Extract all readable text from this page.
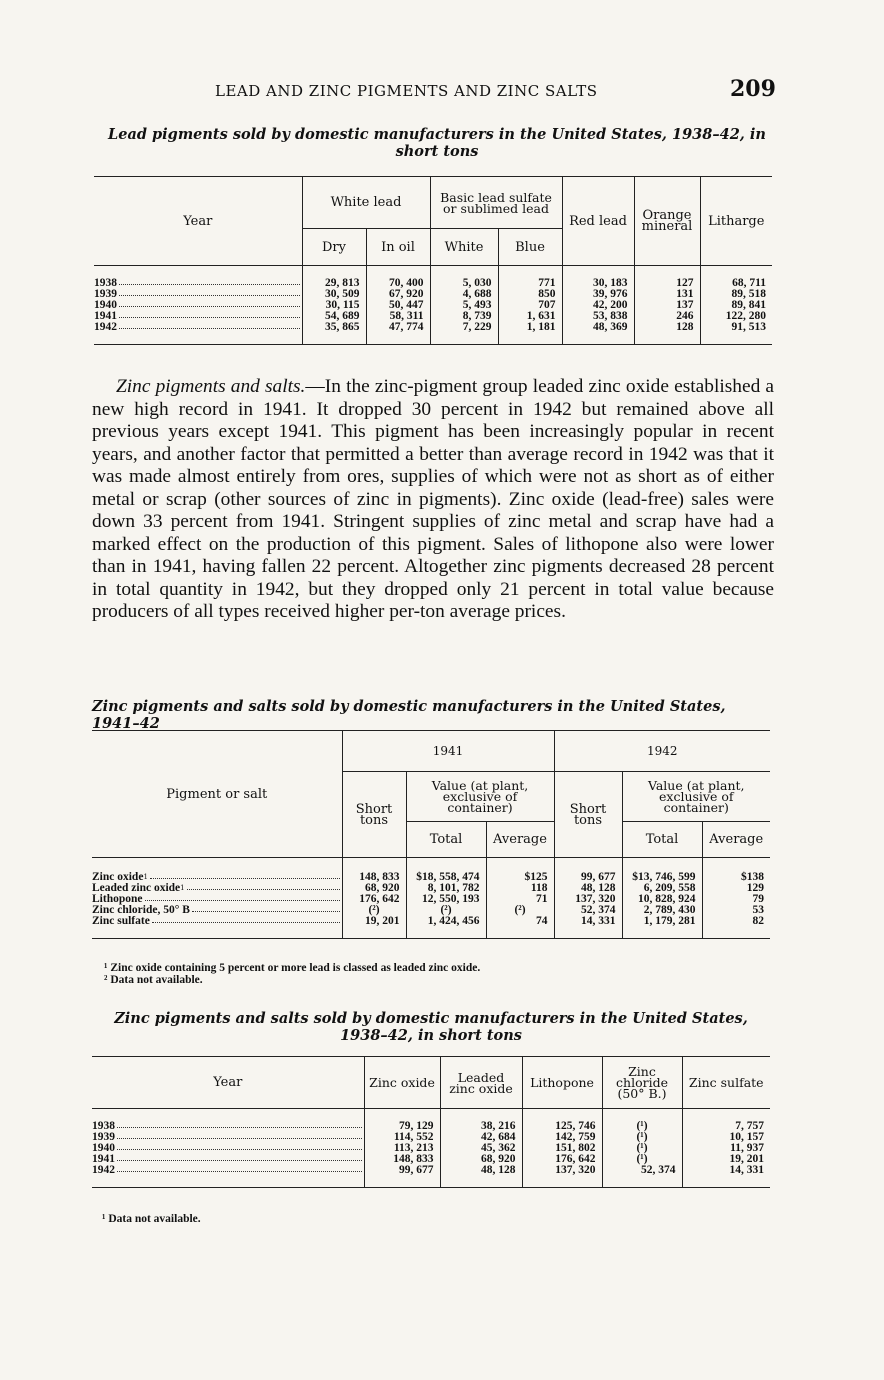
LEAD AND ZINC PIGMENTS AND ZINC SALTS	209
Lead pigments sold by domestic manufacturers in the United States, 1938–42, in
short tons
Year	White lead		Basic lead sulfate or sublimed lead		Red lead	Orange mineral	Litharge
	Dry	In oil	White	Blue			

1938	29, 813	70, 400	5, 030	771	30, 183	127	68, 711

1939	30, 509	67, 920	4, 688	850	39, 976	131	89, 518

1940	30, 115	50, 447	5, 493	707	42, 200	137	89, 841

1941	54, 689	58, 311	8, 739	1, 631	53, 838	246	122, 280

1942	35, 865	47, 774	7, 229	1, 181	48, 369	128	91, 513

Zinc pigments and salts.—In the zinc-pigment group leaded zinc oxide established a new high record in 1941. It dropped 30 percent in 1942 but remained above all previous years except 1941. This pigment has been increasingly popular in recent years, and another factor that permitted a better than average record in 1942 was that it was made almost entirely from ores, supplies of which were not as short as of either metal or scrap (other sources of zinc in pigments). Zinc oxide (lead-free) sales were down 33 percent from 1941. Stringent supplies of zinc metal and scrap have had a marked effect on the production of this pigment. Sales of lithopone also were lower than in 1941, having fallen 22 percent. Altogether zinc pigments decreased 28 percent in total quantity in 1942, but they dropped only 21 percent in total value because producers of all types received higher per-ton average prices.
Zinc pigments and salts sold by domestic manufacturers in the United States, 1941–42
Pigment or salt	1941			1942		
	Short tons	Value (at plant, exclusive of container)		Short tons	Value (at plant, exclusive of container)	
		Total	Average		Total	Average

Zinc oxide 1	148, 833	$18, 558, 474	$125	99, 677	$13, 746, 599	$138

Leaded zinc oxide 1	68, 920	8, 101, 782	118	48, 128	6, 209, 558	129

Lithopone	176, 642	12, 550, 193	71	137, 320	10, 828, 924	79

Zinc chloride, 50° B	(²)	(²)	(²)	52, 374	2, 789, 430	53

Zinc sulfate	19, 201	1, 424, 456	74	14, 331	1, 179, 281	82

¹ Zinc oxide containing 5 percent or more lead is classed as leaded zinc oxide.
² Data not available.
Zinc pigments and salts sold by domestic manufacturers in the United States,
1938–42, in short tons
Year	Zinc oxide	Leaded zinc oxide	Lithopone	Zinc chloride (50° B.)	Zinc sulfate

1938	79, 129	38, 216	125, 746	(¹)	7, 757

1939	114, 552	42, 684	142, 759	(¹)	10, 157

1940	113, 213	45, 362	151, 802	(¹)	11, 937

1941	148, 833	68, 920	176, 642	(¹)	19, 201

1942	99, 677	48, 128	137, 320	52, 374	14, 331

¹ Data not available.
